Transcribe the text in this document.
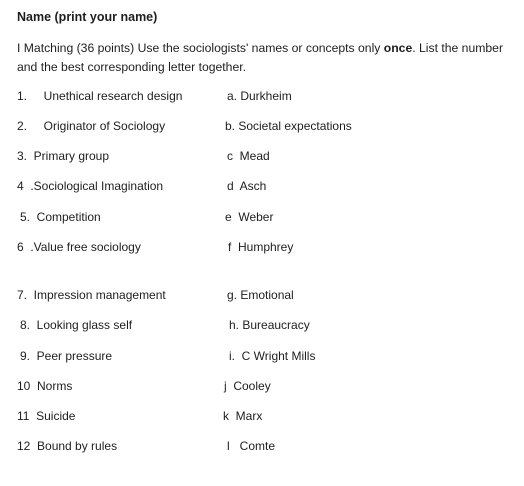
Name (print your name)
I Matching (36 points) Use the sociologists' names or concepts only once. List the number and the best corresponding letter together.
1.     Unethical research design
2.     Originator of Sociology
3.  Primary group
4  .Sociological Imagination
5.  Competition
6  .Value free sociology
7.  Impression management
8.  Looking glass self
9.  Peer pressure
10  Norms
11  Suicide
12  Bound by rules
a. Durkheim
b. Societal expectations
c  Mead
d  Asch
e  Weber
f  Humphrey
g. Emotional
h. Bureaucracy
i.  C Wright Mills
j  Cooley
k  Marx
l   Comte
